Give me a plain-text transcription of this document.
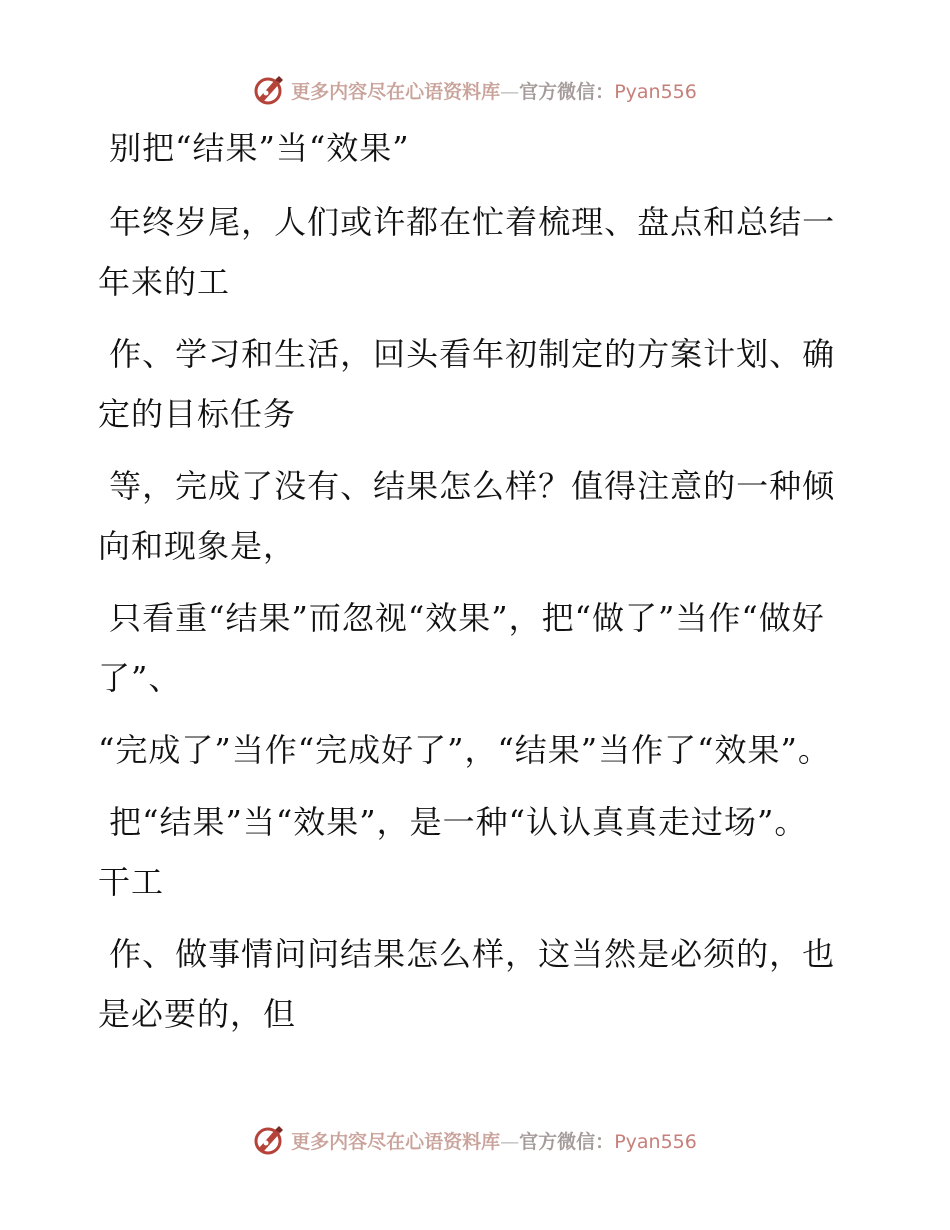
更多内容尽在心语资料库—官方微信：Pyan556

别把“结果”当“效果”

年终岁尾，人们或许都在忙着梳理、盘点和总结一年来的工

作、学习和生活，回头看年初制定的方案计划、确定的目标任务

等，完成了没有、结果怎么样？值得注意的一种倾向和现象是，

只看重“结果”而忽视“效果”，把“做了”当作“做好了”、

“完成了”当作“完成好了”，“结果”当作了“效果”。

把“结果”当“效果”，是一种“认认真真走过场”。干工

作、做事情问问结果怎么样，这当然是必须的，也是必要的，但

更多内容尽在心语资料库—官方微信：Pyan556
